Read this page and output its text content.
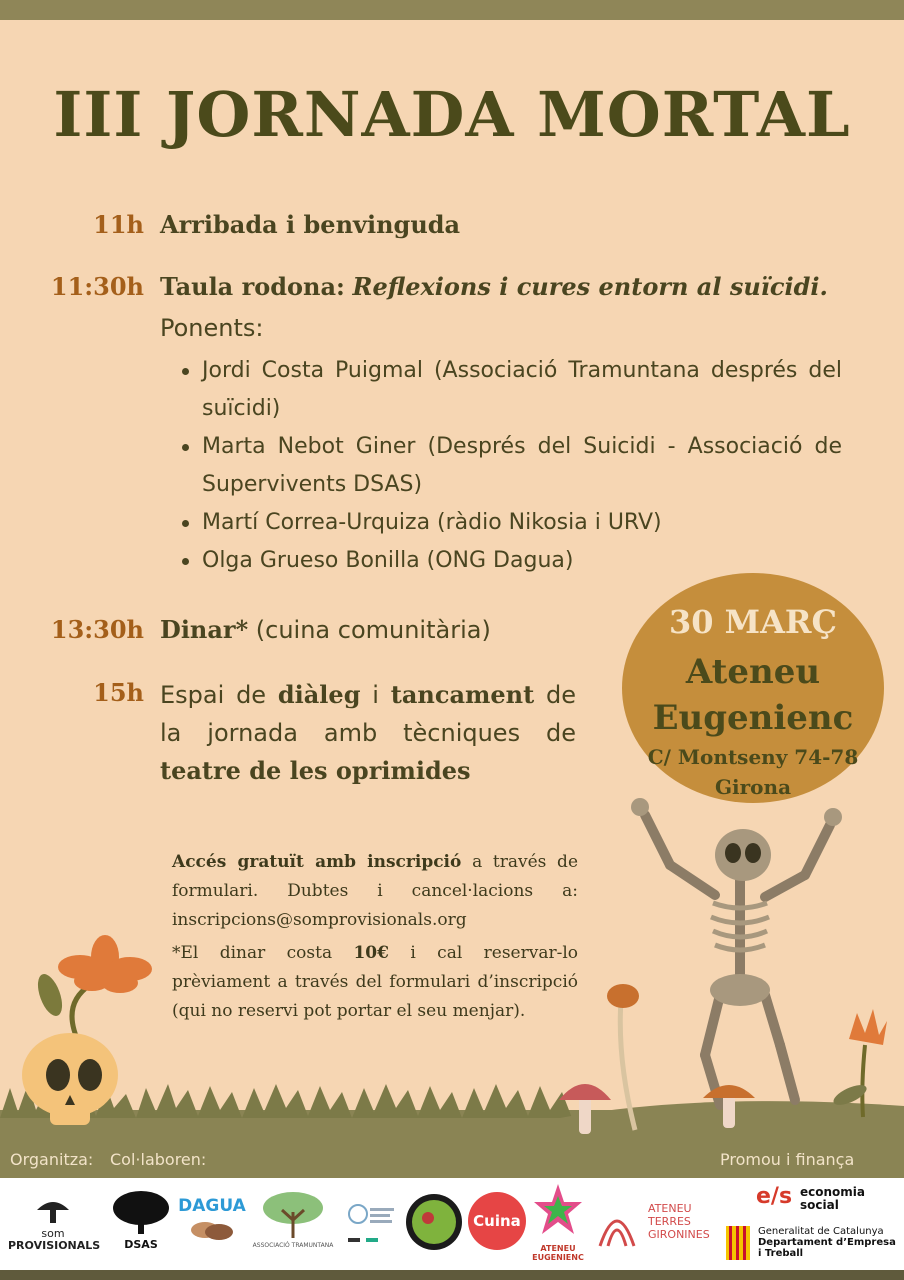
III JORNADA MORTAL
11h Arribada i benvinguda
11:30h Taula rodona: Reflexions i cures entorn al suïcidi.
Ponents:
Jordi Costa Puigmal (Associació Tramuntana després del suïcidi)
Marta Nebot Giner (Després del Suicidi - Associació de Supervivents DSAS)
Martí Correa-Urquiza (ràdio Nikosia i URV)
Olga Grueso Bonilla (ONG Dagua)
13:30h Dinar* (cuina comunitària)
15h Espai de diàleg i tancament de la jornada amb tècniques de teatre de les oprimides
30 MARÇ
Ateneu
Eugenienc
C/ Montseny 74-78
Girona

Accés gratuït amb inscripció a través de formulari. Dubtes i cancel·lacions a: inscripcions@somprovisionals.org

*El dinar costa 10€ i cal reservar-lo prèviament a través del formulari d’inscripció (qui no reservi pot portar el seu menjar).

Organitza: Col·laboren:	Promou i finança
som
PROVISIONALS	DSAS
DAGUA
ASSOCIACIÓ TRAMUNTANA
Cuina
ATENEU EUGENIENC
ATENEU
TERRES
GIRONINES
e/s economia
social
Generalitat de Catalunya
Departament d’Empresa
i Treball
